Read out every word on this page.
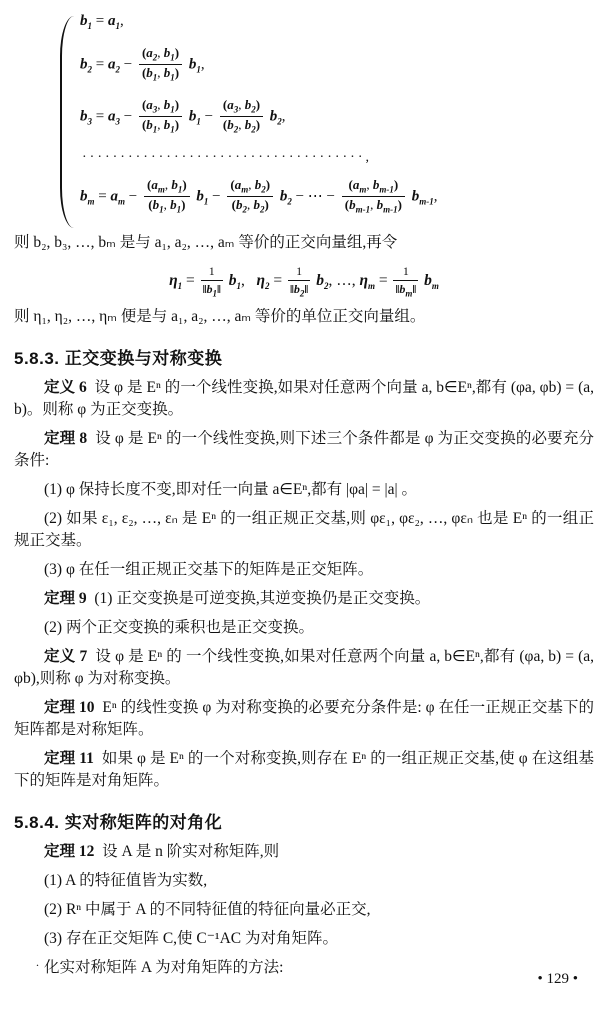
$b_1 = a_1$,
$b_2 = a_2 - \frac{(a_2, b_1)}{(b_1, b_1)} b_1$,
$b_3 = a_3 - \frac{(a_3, b_1)}{(b_1, b_1)} b_1 - \frac{(a_3, b_2)}{(b_2, b_2)} b_2$,
·····································,
$b_m = a_m - \frac{(a_m, b_1)}{(b_1, b_1)} b_1 - \frac{(a_m, b_2)}{(b_2, b_2)} b_2$ − ⋯ − $\frac{(a_m, b_{m-1})}{(b_{m-1}, b_{m-1})} b_{m-1}$,

则 b₂, b₃, …, bₘ 是与 a₁, a₂, …, aₘ 等价的正交向量组,再令

$\eta_1 = \frac{1}{‖b_1‖} b_1$,   $\eta_2 = \frac{1}{‖b_2‖} b_2$, …, $\eta_m = \frac{1}{‖b_m‖} b_m$

则 η₁, η₂, …, ηₘ 便是与 a₁, a₂, …, aₘ 等价的单位正交向量组。

5.8.3. 正交变换与对称变换

定义 6 设 φ 是 Eⁿ 的一个线性变换,如果对任意两个向量 a, b∈Eⁿ,都有 (φa, φb) = (a, b)。则称 φ 为正交变换。

定理 8 设 φ 是 Eⁿ 的一个线性变换,则下述三个条件都是 φ 为正交变换的必要充分条件:

(1) φ 保持长度不变,即对任一向量 a∈Eⁿ,都有 |φa| = |a| 。

(2) 如果 ε₁, ε₂, …, εₙ 是 Eⁿ 的一组正规正交基,则 φε₁, φε₂, …, φεₙ 也是 Eⁿ 的一组正规正交基。

(3) φ 在任一组正规正交基下的矩阵是正交矩阵。

定理 9 (1) 正交变换是可逆变换,其逆变换仍是正交变换。

(2) 两个正交变换的乘积也是正交变换。

定义 7 设 φ 是 Eⁿ 的 一个线性变换,如果对任意两个向量 a, b∈Eⁿ,都有 (φa, b) = (a, φb),则称 φ 为对称变换。

定理 10 Eⁿ 的线性变换 φ 为对称变换的必要充分条件是: φ 在任一正规正交基下的矩阵都是对称矩阵。

定理 11 如果 φ 是 Eⁿ 的一个对称变换,则存在 Eⁿ 的一组正规正交基,使 φ 在这组基下的矩阵是对角矩阵。

5.8.4. 实对称矩阵的对角化

定理 12 设 A 是 n 阶实对称矩阵,则

(1) A 的特征值皆为实数,

(2) Rⁿ 中属于 A 的不同特征值的特征向量必正交,

(3) 存在正交矩阵 C,使 C⁻¹AC 为对角矩阵。

化实对称矩阵 A 为对角矩阵的方法:

.
• 129 •
